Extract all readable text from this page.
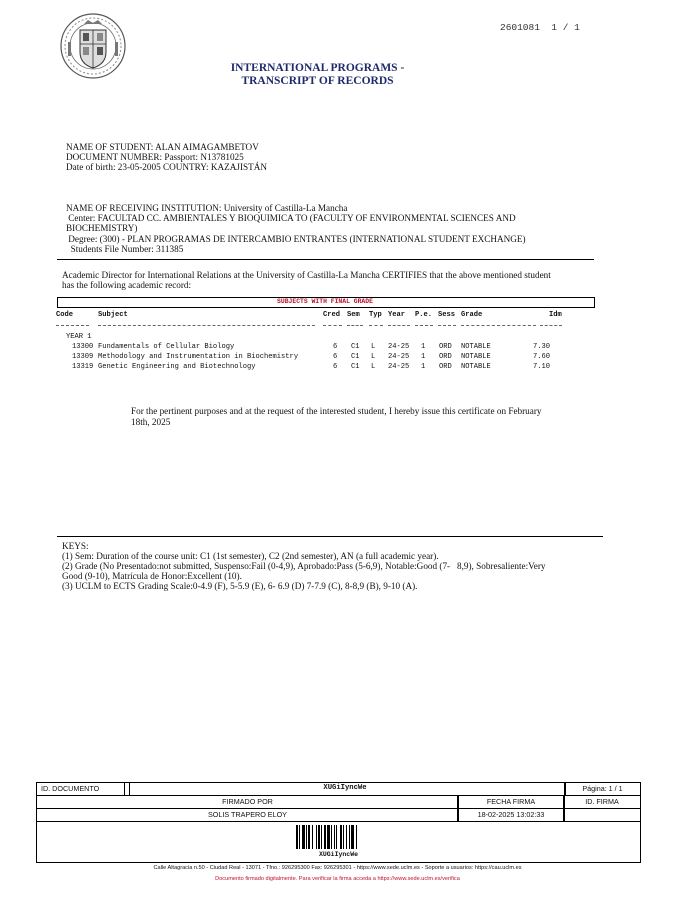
2601081  1 / 1
INTERNATIONAL PROGRAMS -
TRANSCRIPT OF RECORDS
NAME OF STUDENT: ALAN AIMAGAMBETOV
DOCUMENT NUMBER: Passport: N13781025
Date of birth: 23-05-2005 COUNTRY: KAZAJISTÁN
NAME OF RECEIVING INSTITUTION: University of Castilla-La Mancha
Center: FACULTAD CC. AMBIENTALES Y BIOQUIMICA TO (FACULTY OF ENVIRONMENTAL SCIENCES AND
BIOCHEMISTRY)
Degree: (300) - PLAN PROGRAMAS DE INTERCAMBIO ENTRANTES (INTERNATIONAL STUDENT EXCHANGE)
Students File Number: 311385
Academic Director for International Relations at the University of Castilla-La Mancha CERTIFIES that the above mentioned student
has the following academic record:
SUBJECTS WITH FINAL GRADE
Code	Subject	Cred Sem Typ Year P.e. Sess Grade	Idm
YEAR 1
13300 Fundamentals of Cellular Biology	6 C1 L 24-25 1 ORD NOTABLE	7.30
13309 Methodology and Instrumentation in Biochemistry	6 C1 L 24-25 1 ORD NOTABLE	7.60
13319 Genetic Engineering and Biotechnology	6 C1 L 24-25 1 ORD NOTABLE	7.10
For the pertinent purposes and at the request of the interested student, I hereby issue this certificate on February
18th, 2025
KEYS:
(1) Sem: Duration of the course unit: C1 (1st semester), C2 (2nd semester), AN (a full academic year).
(2) Grade (No Presentado:not submitted, Suspenso:Fail (0-4,9), Aprobado:Pass (5-6,9), Notable:Good (7-   8,9), Sobresaliente:Very
Good (9-10), Matrícula de Honor:Excellent (10).
(3) UCLM to ECTS Grading Scale:0-4.9 (F), 5-5.9 (E), 6- 6.9 (D) 7-7.9 (C), 8-8,9 (B), 9-10 (A).
ID. DOCUMENTO	XUGiIyncWe	Página: 1 / 1
FIRMADO POR	FECHA FIRMA	ID. FIRMA
SOLIS TRAPERO ELOY	18-02-2025 13:02:33
XUGiIyncWe
Calle Altagracia n.50 - Ciudad Real - 13071 - Tfno.: 926295300 Fax: 926295301 - https://www.sede.uclm.es - Soporte a usuarios: https://cau.uclm.es
Documento firmado digitalmente. Para verificar la firma acceda a https://www.sede.uclm.es/verifica
